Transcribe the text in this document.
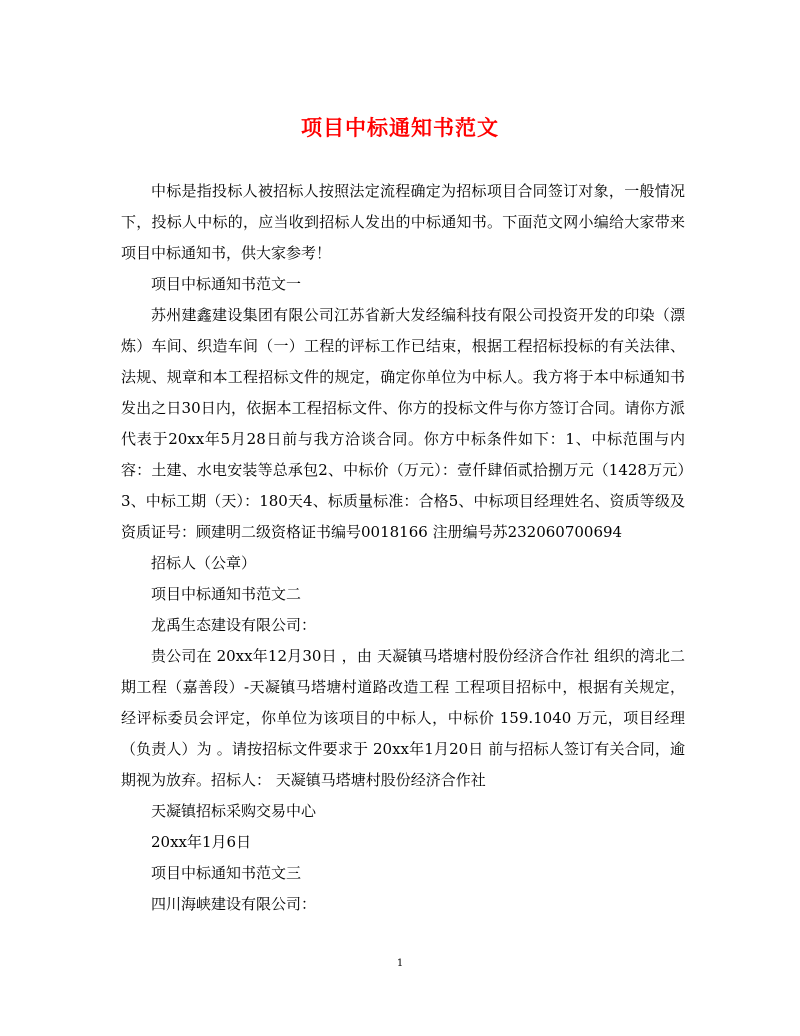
项目中标通知书范文

中标是指投标人被招标人按照法定流程确定为招标项目合同签订对象，一般情况下，投标人中标的，应当收到招标人发出的中标通知书。下面范文网小编给大家带来项目中标通知书，供大家参考！

项目中标通知书范文一

苏州建鑫建设集团有限公司江苏省新大发经编科技有限公司投资开发的印染（漂炼）车间、织造车间（一）工程的评标工作已结束，根据工程招标投标的有关法律、法规、规章和本工程招标文件的规定，确定你单位为中标人。我方将于本中标通知书发出之日30日内，依据本工程招标文件、你方的投标文件与你方签订合同。请你方派代表于20xx年5月28日前与我方洽谈合同。你方中标条件如下：1、中标范围与内容：土建、水电安装等总承包2、中标价（万元）：壹仟肆佰贰拾捌万元（1428万元）3、中标工期（天）：180天4、标质量标准：合格5、中标项目经理姓名、资质等级及资质证号：顾建明二级资格证书编号0018166 注册编号苏232060700694

招标人（公章）

项目中标通知书范文二

龙禹生态建设有限公司：

贵公司在 20xx年12月30日 ，由 天凝镇马塔塘村股份经济合作社 组织的湾北二期工程（嘉善段）-天凝镇马塔塘村道路改造工程 工程项目招标中，根据有关规定，经评标委员会评定，你单位为该项目的中标人，中标价 159.1040 万元，项目经理（负责人）为 。请按招标文件要求于 20xx年1月20日 前与招标人签订有关合同，逾期视为放弃。招标人： 天凝镇马塔塘村股份经济合作社

天凝镇招标采购交易中心

20xx年1月6日

项目中标通知书范文三

四川海峡建设有限公司：

1
